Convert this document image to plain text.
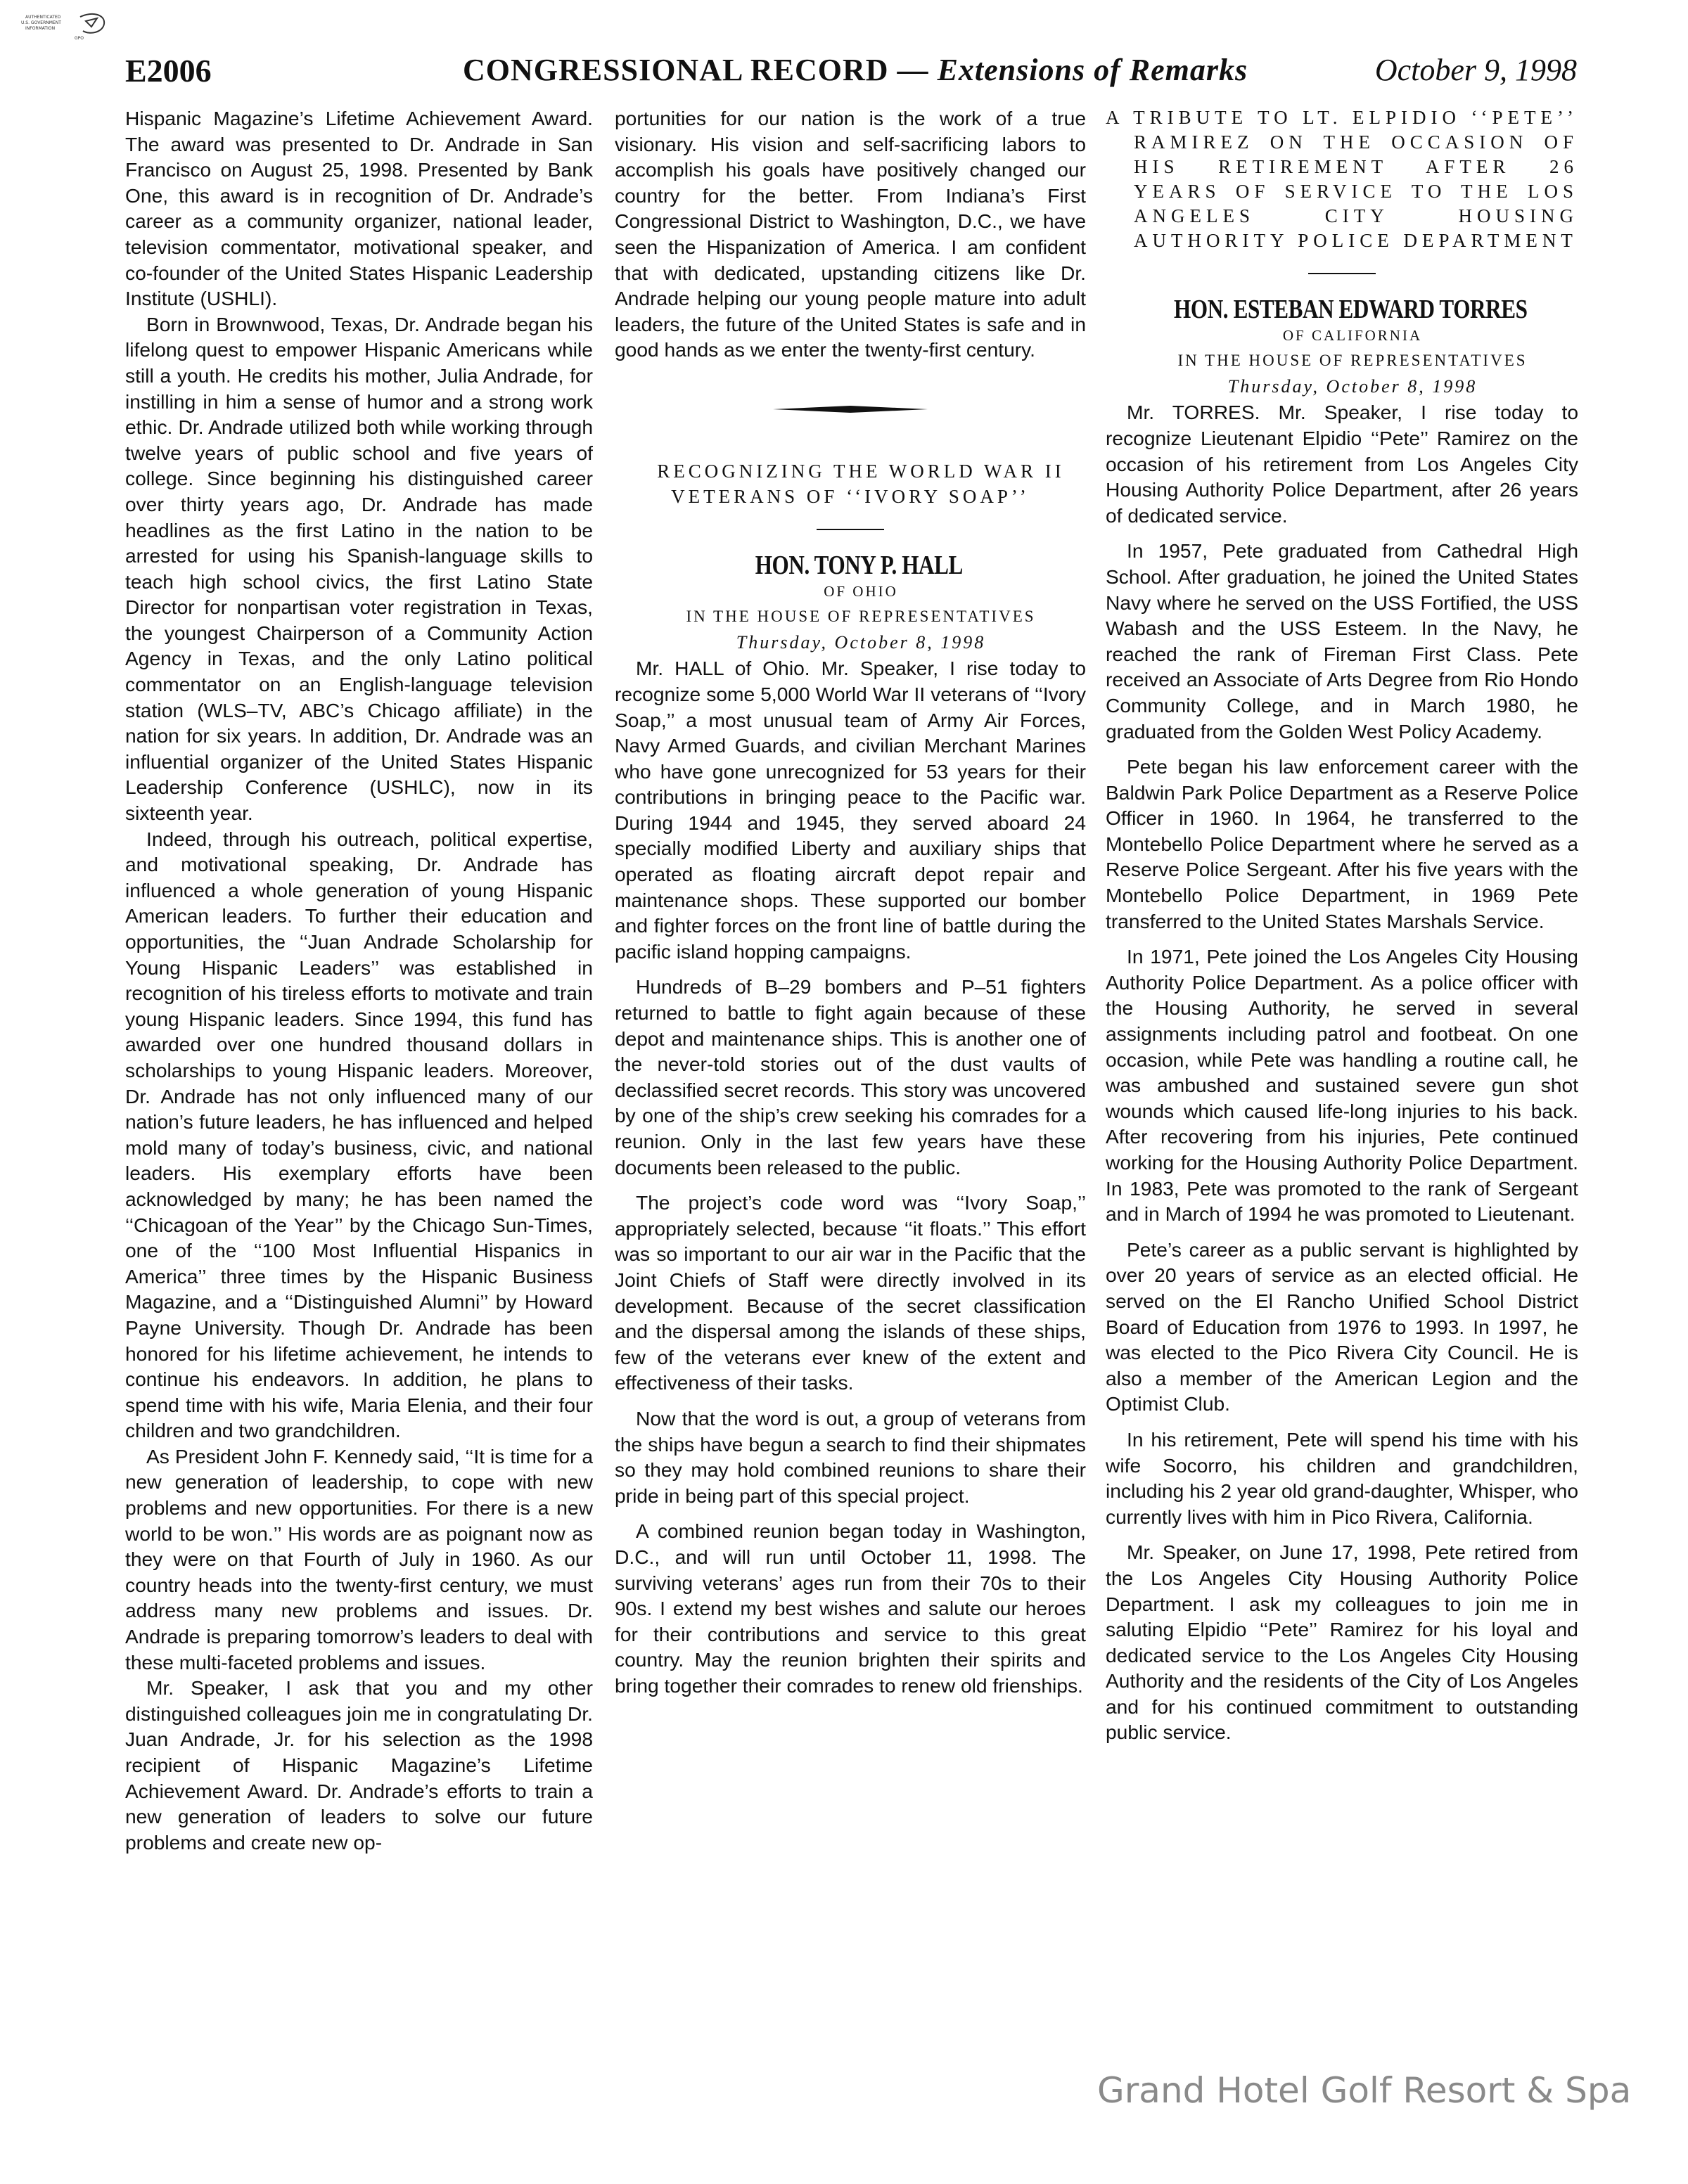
AUTHENTICATED
U.S. GOVERNMENT
INFORMATION
GPO
E2006	CONGRESSIONAL RECORD — Extensions of Remarks	October 9, 1998

Hispanic Magazine’s Lifetime Achievement Award. The award was presented to Dr. Andrade in San Francisco on August 25, 1998. Presented by Bank One, this award is in recognition of Dr. Andrade’s career as a community organizer, national leader, television commentator, motivational speaker, and co-founder of the United States Hispanic Leadership Institute (USHLI).

Born in Brownwood, Texas, Dr. Andrade began his lifelong quest to empower Hispanic Americans while still a youth. He credits his mother, Julia Andrade, for instilling in him a sense of humor and a strong work ethic. Dr. Andrade utilized both while working through twelve years of public school and five years of college. Since beginning his distinguished career over thirty years ago, Dr. Andrade has made headlines as the first Latino in the nation to be arrested for using his Spanish-language skills to teach high school civics, the first Latino State Director for nonpartisan voter registration in Texas, the youngest Chairperson of a Community Action Agency in Texas, and the only Latino political commentator on an English-language television station (WLS–TV, ABC’s Chicago affiliate) in the nation for six years. In addition, Dr. Andrade was an influential organizer of the United States Hispanic Leadership Conference (USHLC), now in its sixteenth year.

Indeed, through his outreach, political expertise, and motivational speaking, Dr. Andrade has influenced a whole generation of young Hispanic American leaders. To further their education and opportunities, the ‘‘Juan Andrade Scholarship for Young Hispanic Leaders’’ was established in recognition of his tireless efforts to motivate and train young Hispanic leaders. Since 1994, this fund has awarded over one hundred thousand dollars in scholarships to young Hispanic leaders. Moreover, Dr. Andrade has not only influenced many of our nation’s future leaders, he has influenced and helped mold many of today’s business, civic, and national leaders. His exemplary efforts have been acknowledged by many; he has been named the ‘‘Chicagoan of the Year’’ by the Chicago Sun-Times, one of the ‘‘100 Most Influential Hispanics in America’’ three times by the Hispanic Business Magazine, and a ‘‘Distinguished Alumni’’ by Howard Payne University. Though Dr. Andrade has been honored for his lifetime achievement, he intends to continue his endeavors. In addition, he plans to spend time with his wife, Maria Elenia, and their four children and two grandchildren.

As President John F. Kennedy said, ‘‘It is time for a new generation of leadership, to cope with new problems and new opportunities. For there is a new world to be won.’’ His words are as poignant now as they were on that Fourth of July in 1960. As our country heads into the twenty-first century, we must address many new problems and issues. Dr. Andrade is preparing tomorrow’s leaders to deal with these multi-faceted problems and issues.

Mr. Speaker, I ask that you and my other distinguished colleagues join me in congratulating Dr. Juan Andrade, Jr. for his selection as the 1998 recipient of Hispanic Magazine’s Lifetime Achievement Award. Dr. Andrade’s efforts to train a new generation of leaders to solve our future problems and create new op-

portunities for our nation is the work of a true visionary. His vision and self-sacrificing labors to accomplish his goals have positively changed our country for the better. From Indiana’s First Congressional District to Washington, D.C., we have seen the Hispanization of America. I am confident that with dedicated, upstanding citizens like Dr. Andrade helping our young people mature into adult leaders, the future of the United States is safe and in good hands as we enter the twenty-first century.

RECOGNIZING THE WORLD WAR II VETERANS OF ‘‘IVORY SOAP’’

HON. TONY P. HALL

OF OHIO

IN THE HOUSE OF REPRESENTATIVES

Thursday, October 8, 1998

Mr. HALL of Ohio. Mr. Speaker, I rise today to recognize some 5,000 World War II veterans of ‘‘Ivory Soap,’’ a most unusual team of Army Air Forces, Navy Armed Guards, and civilian Merchant Marines who have gone unrecognized for 53 years for their contributions in bringing peace to the Pacific war. During 1944 and 1945, they served aboard 24 specially modified Liberty and auxiliary ships that operated as floating aircraft depot repair and maintenance shops. These supported our bomber and fighter forces on the front line of battle during the pacific island hopping campaigns.

Hundreds of B–29 bombers and P–51 fighters returned to battle to fight again because of these depot and maintenance ships. This is another one of the never-told stories out of the dust vaults of declassified secret records. This story was uncovered by one of the ship’s crew seeking his comrades for a reunion. Only in the last few years have these documents been released to the public.

The project’s code word was ‘‘Ivory Soap,’’ appropriately selected, because ‘‘it floats.’’ This effort was so important to our air war in the Pacific that the Joint Chiefs of Staff were directly involved in its development. Because of the secret classification and the dispersal among the islands of these ships, few of the veterans ever knew of the extent and effectiveness of their tasks.

Now that the word is out, a group of veterans from the ships have begun a search to find their shipmates so they may hold combined reunions to share their pride in being part of this special project.

A combined reunion began today in Washington, D.C., and will run until October 11, 1998. The surviving veterans’ ages run from their 70s to their 90s. I extend my best wishes and salute our heroes for their contributions and service to this great country. May the reunion brighten their spirits and bring together their comrades to renew old frienships.

A TRIBUTE TO LT. ELPIDIO ‘‘PETE’’ RAMIREZ ON THE OCCASION OF HIS RETIREMENT AFTER 26 YEARS OF SERVICE TO THE LOS ANGELES CITY HOUSING AUTHORITY POLICE DEPARTMENT

HON. ESTEBAN EDWARD TORRES

OF CALIFORNIA

IN THE HOUSE OF REPRESENTATIVES

Thursday, October 8, 1998

Mr. TORRES. Mr. Speaker, I rise today to recognize Lieutenant Elpidio ‘‘Pete’’ Ramirez on the occasion of his retirement from Los Angeles City Housing Authority Police Department, after 26 years of dedicated service.

In 1957, Pete graduated from Cathedral High School. After graduation, he joined the United States Navy where he served on the USS Fortified, the USS Wabash and the USS Esteem. In the Navy, he reached the rank of Fireman First Class. Pete received an Associate of Arts Degree from Rio Hondo Community College, and in March 1980, he graduated from the Golden West Policy Academy.

Pete began his law enforcement career with the Baldwin Park Police Department as a Reserve Police Officer in 1960. In 1964, he transferred to the Montebello Police Department where he served as a Reserve Police Sergeant. After his five years with the Montebello Police Department, in 1969 Pete transferred to the United States Marshals Service.

In 1971, Pete joined the Los Angeles City Housing Authority Police Department. As a police officer with the Housing Authority, he served in several assignments including patrol and footbeat. On one occasion, while Pete was handling a routine call, he was ambushed and sustained severe gun shot wounds which caused life-long injuries to his back. After recovering from his injuries, Pete continued working for the Housing Authority Police Department. In 1983, Pete was promoted to the rank of Sergeant and in March of 1994 he was promoted to Lieutenant.

Pete’s career as a public servant is highlighted by over 20 years of service as an elected official. He served on the El Rancho Unified School District Board of Education from 1976 to 1993. In 1997, he was elected to the Pico Rivera City Council. He is also a member of the American Legion and the Optimist Club.

In his retirement, Pete will spend his time with his wife Socorro, his children and grandchildren, including his 2 year old grand-daughter, Whisper, who currently lives with him in Pico Rivera, California.

Mr. Speaker, on June 17, 1998, Pete retired from the Los Angeles City Housing Authority Police Department. I ask my colleagues to join me in saluting Elpidio ‘‘Pete’’ Ramirez for his loyal and dedicated service to the Los Angeles City Housing Authority and the residents of the City of Los Angeles and for his continued commitment to outstanding public service.

Grand Hotel Golf Resort & Spa
